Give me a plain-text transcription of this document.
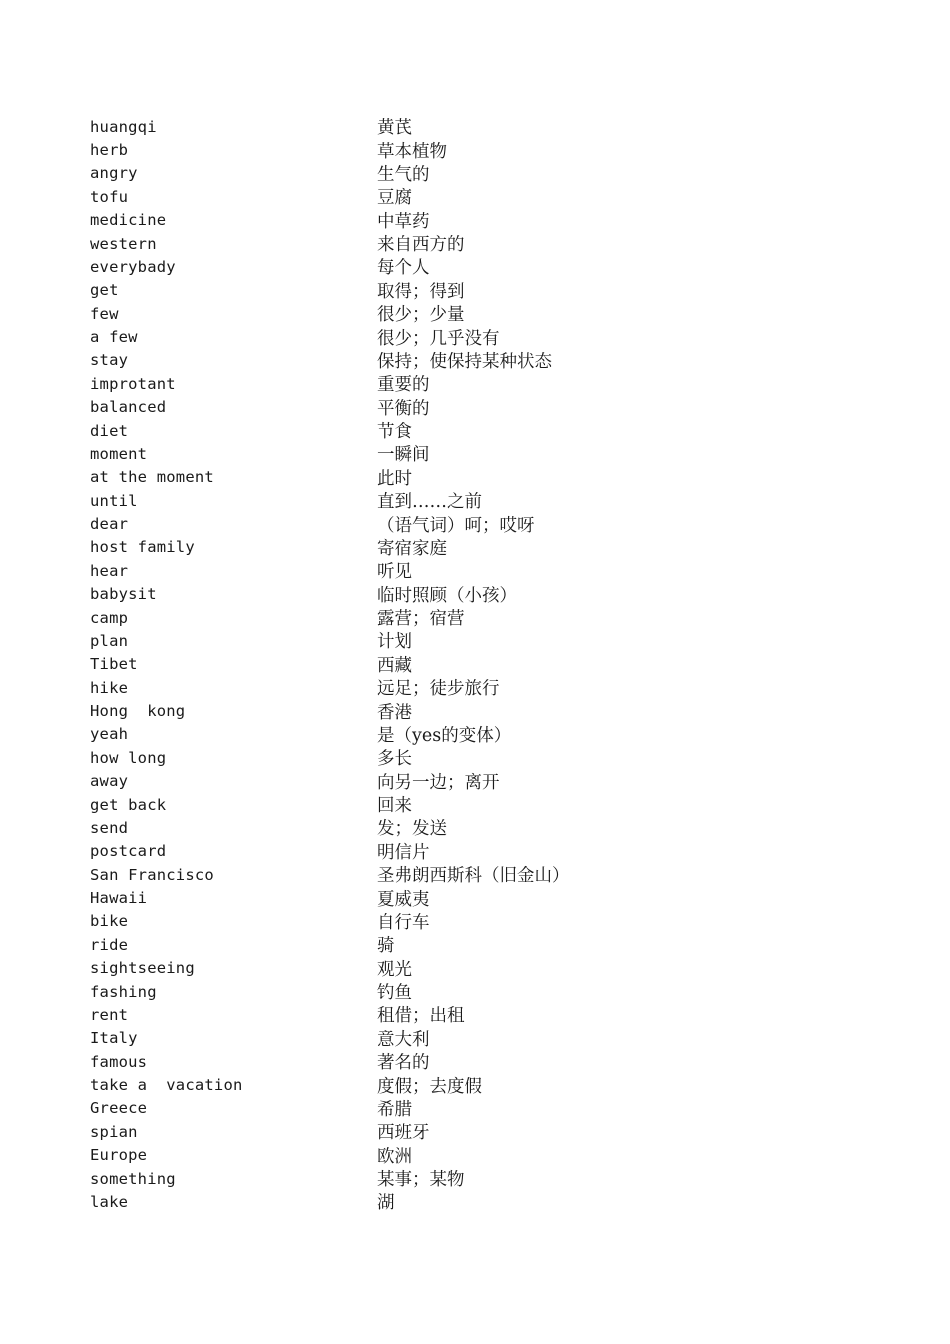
huangqi	黄芪
herb	草本植物
angry	生气的
tofu	豆腐
medicine	中草药
western	来自西方的
everybady	每个人
get	取得；得到
few	很少；少量
a few	很少；几乎没有
stay	保持；使保持某种状态
improtant	重要的
balanced	平衡的
diet	节食
moment	一瞬间
at the moment	此时
until	直到……之前
dear	（语气词）呵；哎呀
host family	寄宿家庭
hear	听见
babysit	临时照顾（小孩）
camp	露营；宿营
plan	计划
Tibet	西藏
hike	远足；徒步旅行
Hong  kong	香港
yeah	是（yes的变体）
how long	多长
away	向另一边；离开
get back	回来
send	发；发送
postcard	明信片
San Francisco	圣弗朗西斯科（旧金山）
Hawaii	夏威夷
bike	自行车
ride	骑
sightseeing	观光
fashing	钓鱼
rent	租借；出租
Italy	意大利
famous	著名的
take a  vacation	度假；去度假
Greece	希腊
spian	西班牙
Europe	欧洲
something	某事；某物
lake	湖
